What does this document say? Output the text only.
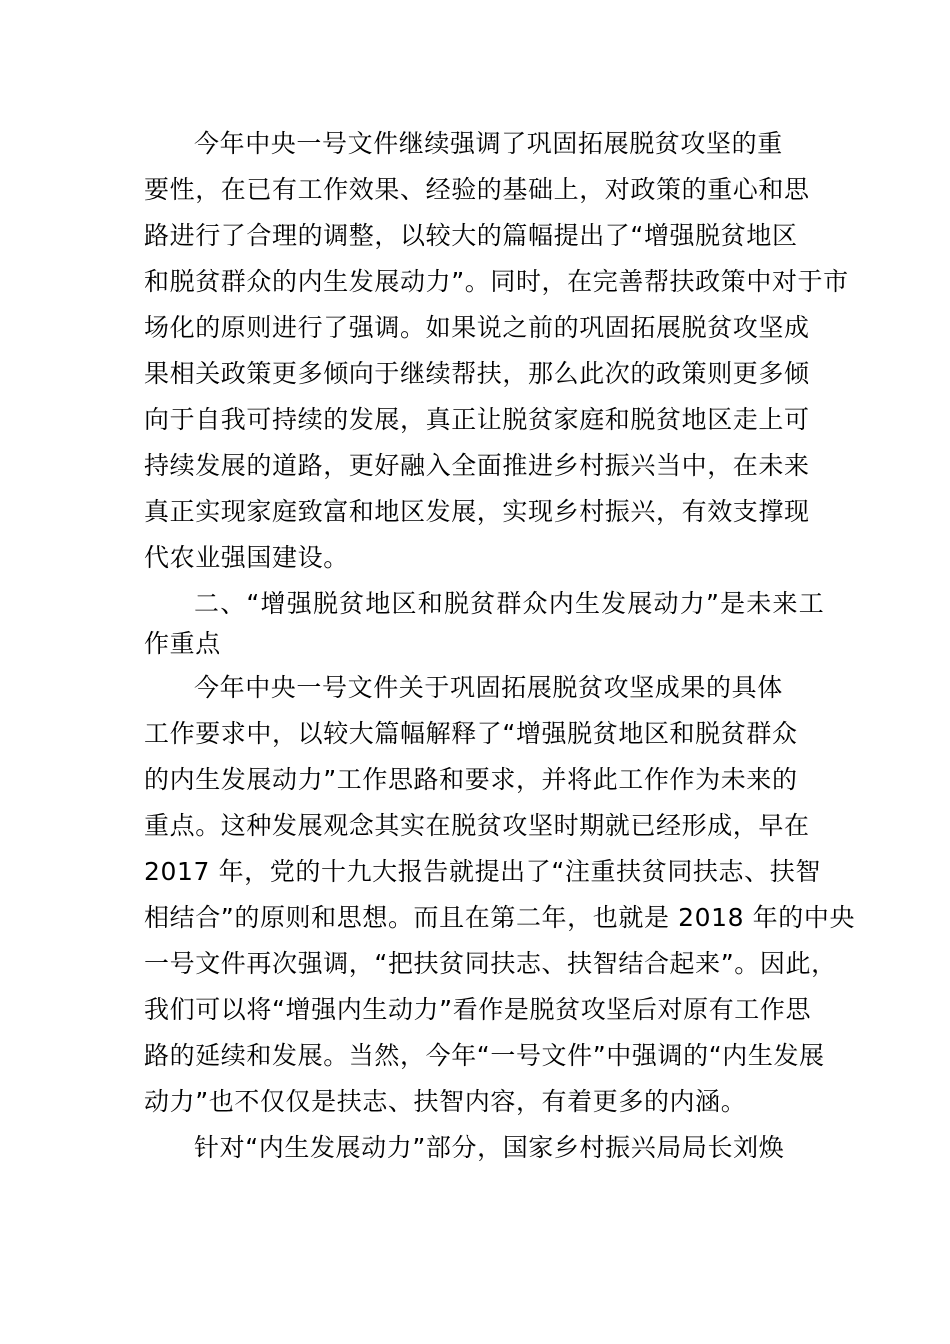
今年中央一号文件继续强调了巩固拓展脱贫攻坚的重
要性，在已有工作效果、经验的基础上，对政策的重心和思
路进行了合理的调整，以较大的篇幅提出了“增强脱贫地区
和脱贫群众的内生发展动力”。同时，在完善帮扶政策中对于市
场化的原则进行了强调。如果说之前的巩固拓展脱贫攻坚成
果相关政策更多倾向于继续帮扶，那么此次的政策则更多倾
向于自我可持续的发展，真正让脱贫家庭和脱贫地区走上可
持续发展的道路，更好融入全面推进乡村振兴当中，在未来
真正实现家庭致富和地区发展，实现乡村振兴，有效支撑现
代农业强国建设。
二、“增强脱贫地区和脱贫群众内生发展动力”是未来工
作重点
今年中央一号文件关于巩固拓展脱贫攻坚成果的具体
工作要求中，以较大篇幅解释了“增强脱贫地区和脱贫群众
的内生发展动力”工作思路和要求，并将此工作作为未来的
重点。这种发展观念其实在脱贫攻坚时期就已经形成，早在
2017 年，党的十九大报告就提出了“注重扶贫同扶志、扶智
相结合”的原则和思想。而且在第二年，也就是 2018 年的中央
一号文件再次强调，“把扶贫同扶志、扶智结合起来”。因此，
我们可以将“增强内生动力”看作是脱贫攻坚后对原有工作思
路的延续和发展。当然，今年“一号文件”中强调的“内生发展
动力”也不仅仅是扶志、扶智内容，有着更多的内涵。
针对“内生发展动力”部分，国家乡村振兴局局长刘焕
